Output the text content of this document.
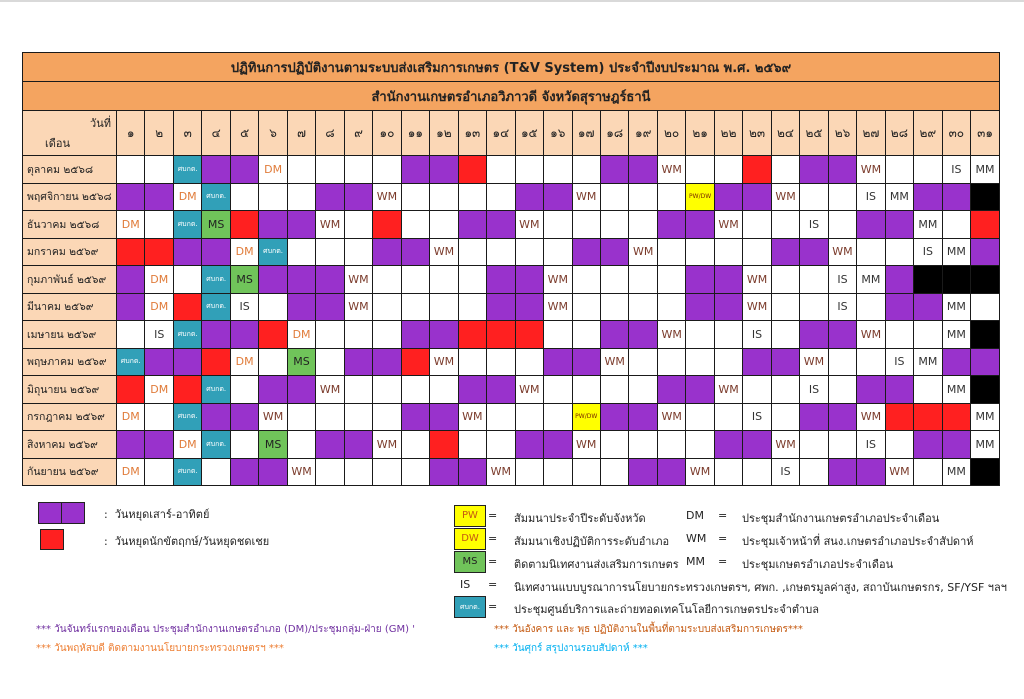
ปฏิทินการปฏิบัติงานตามระบบส่งเสริมการเกษตร (T&V System) ประจำปีงบประมาณ พ.ศ. ๒๕๖๙																															
สำนักงานเกษตรอำเภอวิภาวดี จังหวัดสุราษฎร์ธานี																															

วันที่
เดือน	๑	๒	๓	๔	๕	๖	๗	๘	๙	๑๐	๑๑	๑๒	๑๓	๑๔	๑๕	๑๖	๑๗	๑๘	๑๙	๒๐	๒๑	๒๒	๒๓	๒๔	๒๕	๒๖	๒๗	๒๘	๒๙	๓๐	๓๑
ตุลาคม ๒๕๖๘			ศบกต.			DM														WM							WM			IS	MM
พฤศจิกายน ๒๕๖๘			DM	ศบกต.						WM							WM				PW/DW			WM			IS	MM			
ธันวาคม ๒๕๖๘	DM		ศบกต.	MS				WM							WM							WM			IS				MM		
มกราคม ๒๕๖๙					DM	ศบกต.						WM							WM							WM			IS	MM	
กุมภาพันธ์ ๒๕๖๙		DM		ศบกต.	MS				WM							WM							WM			IS	MM				
มีนาคม ๒๕๖๙		DM		ศบกต.	IS				WM							WM							WM			IS				MM	
เมษายน ๒๕๖๙		IS	ศบกต.				DM													WM			IS				WM			MM	
พฤษภาคม ๒๕๖๙	ศบกต.				DM		MS					WM						WM							WM			IS	MM		
มิถุนายน ๒๕๖๙		DM		ศบกต.				WM							WM							WM			IS					MM	
กรกฎาคม ๒๕๖๙	DM		ศบกต.			WM							WM				PW/DW			WM			IS				WM				MM
สิงหาคม ๒๕๖๙			DM	ศบกต.		MS				WM							WM							WM			IS				MM
กันยายน ๒๕๖๙	DM		ศบกต.				WM							WM							WM			IS				WM		MM	
:  วันหยุดเสาร์-อาทิตย์
:  วันหยุดนักขัตฤกษ์/วันหยุดชดเชย
PW = สัมมนาประจำปีระดับจังหวัด
DW = สัมมนาเชิงปฏิบัติการระดับอำเภอ
MS = ติดตามนิเทศงานส่งเสริมการเกษตร
IS = นิเทศงานแบบบูรณาการนโยบายกระทรวงเกษตรฯ, ศพก. ,เกษตรมูลค่าสูง, สถาบันเกษตรกร, SF/YSF ฯลฯ
ศบกต. = ประชุมศูนย์บริการและถ่ายทอดเทคโนโลยีการเกษตรประจำตำบล
DM = ประชุมสำนักงานเกษตรอำเภอประจำเดือน
WM = ประชุมเจ้าหน้าที่ สนง.เกษตรอำเภอประจำสัปดาห์
MM = ประชุมเกษตรอำเภอประจำเดือน
*** วันจันทร์แรกของเดือน ประชุมสำนักงานเกษตรอำเภอ (DM)/ประชุมกลุ่ม-ฝ่าย (GM) '
*** วันพฤหัสบดี ติดตามงานนโยบายกระทรวงเกษตรฯ ***
*** วันอังคาร และ พุธ ปฏิบัติงานในพื้นที่ตามระบบส่งเสริมการเกษตร***
*** วันศุกร์ สรุปงานรอบสัปดาห์ ***
